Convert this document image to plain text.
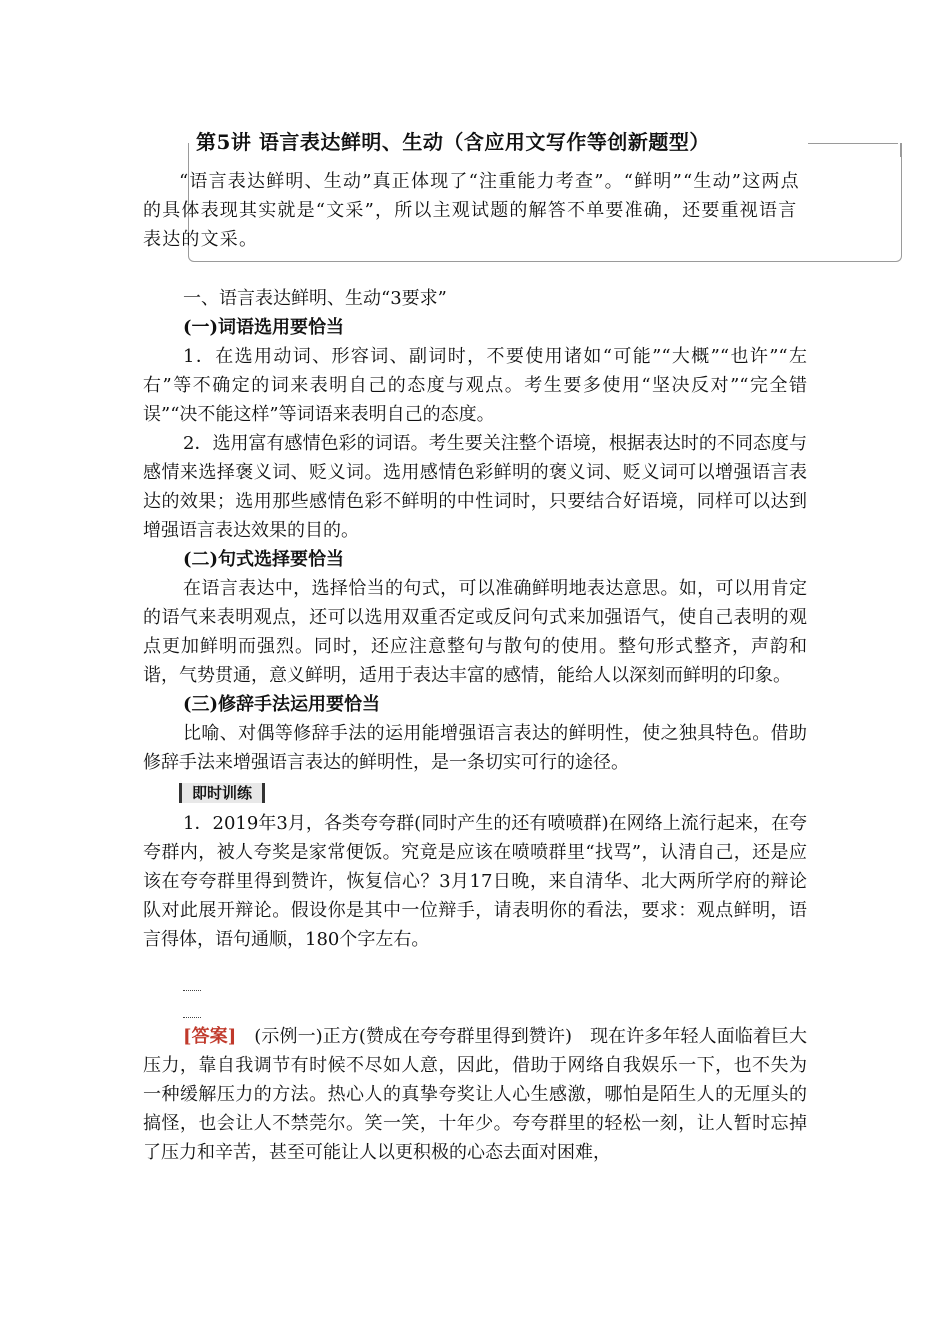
第5讲 语言表达鲜明、生动（含应用文写作等创新题型）

“语言表达鲜明、生动”真正体现了“注重能力考查”。“鲜明”“生动”这两点的具体表现其实就是“文采”，所以主观试题的解答不单要准确，还要重视语言表达的文采。

一、语言表达鲜明、生动“3要求”

(一)词语选用要恰当

1．在选用动词、形容词、副词时，不要使用诸如“可能”“大概”“也许”“左右”等不确定的词来表明自己的态度与观点。考生要多使用“坚决反对”“完全错误”“决不能这样”等词语来表明自己的态度。

2．选用富有感情色彩的词语。考生要关注整个语境，根据表达时的不同态度与感情来选择褒义词、贬义词。选用感情色彩鲜明的褒义词、贬义词可以增强语言表达的效果；选用那些感情色彩不鲜明的中性词时，只要结合好语境，同样可以达到增强语言表达效果的目的。

(二)句式选择要恰当

在语言表达中，选择恰当的句式，可以准确鲜明地表达意思。如，可以用肯定的语气来表明观点，还可以选用双重否定或反问句式来加强语气，使自己表明的观点更加鲜明而强烈。同时，还应注意整句与散句的使用。整句形式整齐，声韵和谐，气势贯通，意义鲜明，适用于表达丰富的感情，能给人以深刻而鲜明的印象。

(三)修辞手法运用要恰当

比喻、对偶等修辞手法的运用能增强语言表达的鲜明性，使之独具特色。借助修辞手法来增强语言表达的鲜明性，是一条切实可行的途径。

即时训练

1．2019年3月，各类夸夸群(同时产生的还有喷喷群)在网络上流行起来，在夸夸群内，被人夸奖是家常便饭。究竟是应该在喷喷群里“找骂”，认清自己，还是应该在夸夸群里得到赞许，恢复信心？3月17日晚，来自清华、北大两所学府的辩论队对此展开辩论。假设你是其中一位辩手，请表明你的看法，要求：观点鲜明，语言得体，语句通顺，180个字左右。

[答案] (示例一)正方(赞成在夸夸群里得到赞许) 现在许多年轻人面临着巨大压力，靠自我调节有时候不尽如人意，因此，借助于网络自我娱乐一下，也不失为一种缓解压力的方法。热心人的真挚夸奖让人心生感激，哪怕是陌生人的无厘头的搞怪，也会让人不禁莞尔。笑一笑，十年少。夸夸群里的轻松一刻，让人暂时忘掉了压力和辛苦，甚至可能让人以更积极的心态去面对困难，
